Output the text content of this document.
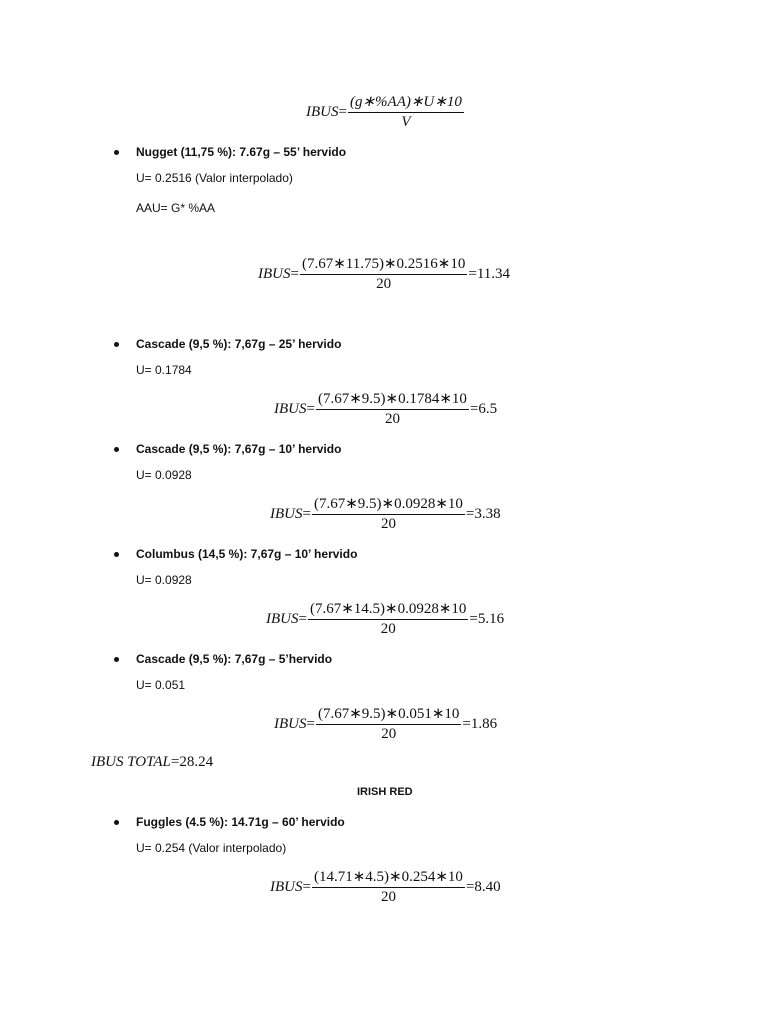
IBUS = $\frac{(g∗\%AA)∗U∗10}{V}$
Nugget (11,75 %): 7.67g – 55’ hervido
U= 0.2516 (Valor interpolado)
AAU= G* %AA
IBUS = $\frac{(7.67∗11.75)∗0.2516∗10}{20} = 11.34$
Cascade (9,5 %): 7,67g – 25’ hervido
U= 0.1784
IBUS = $\frac{(7.67∗9.5)∗0.1784∗10}{20} = 6.5$
Cascade (9,5 %): 7,67g – 10’ hervido
U= 0.0928
IBUS = $\frac{(7.67∗9.5)∗0.0928∗10}{20} = 3.38$
Columbus (14,5 %): 7,67g – 10’ hervido
U= 0.0928
IBUS = $\frac{(7.67∗14.5)∗0.0928∗10}{20} = 5.16$
Cascade (9,5 %): 7,67g – 5’hervido
U= 0.051
IBUS = $\frac{(7.67∗9.5)∗0.051∗10}{20} = 1.86$
IBUS TOTAL=28.24
IRISH RED
Fuggles (4.5 %): 14.71g – 60’ hervido
U= 0.254 (Valor interpolado)
IBUS = $\frac{(14.71∗4.5)∗0.254∗10}{20} = 8.40$
